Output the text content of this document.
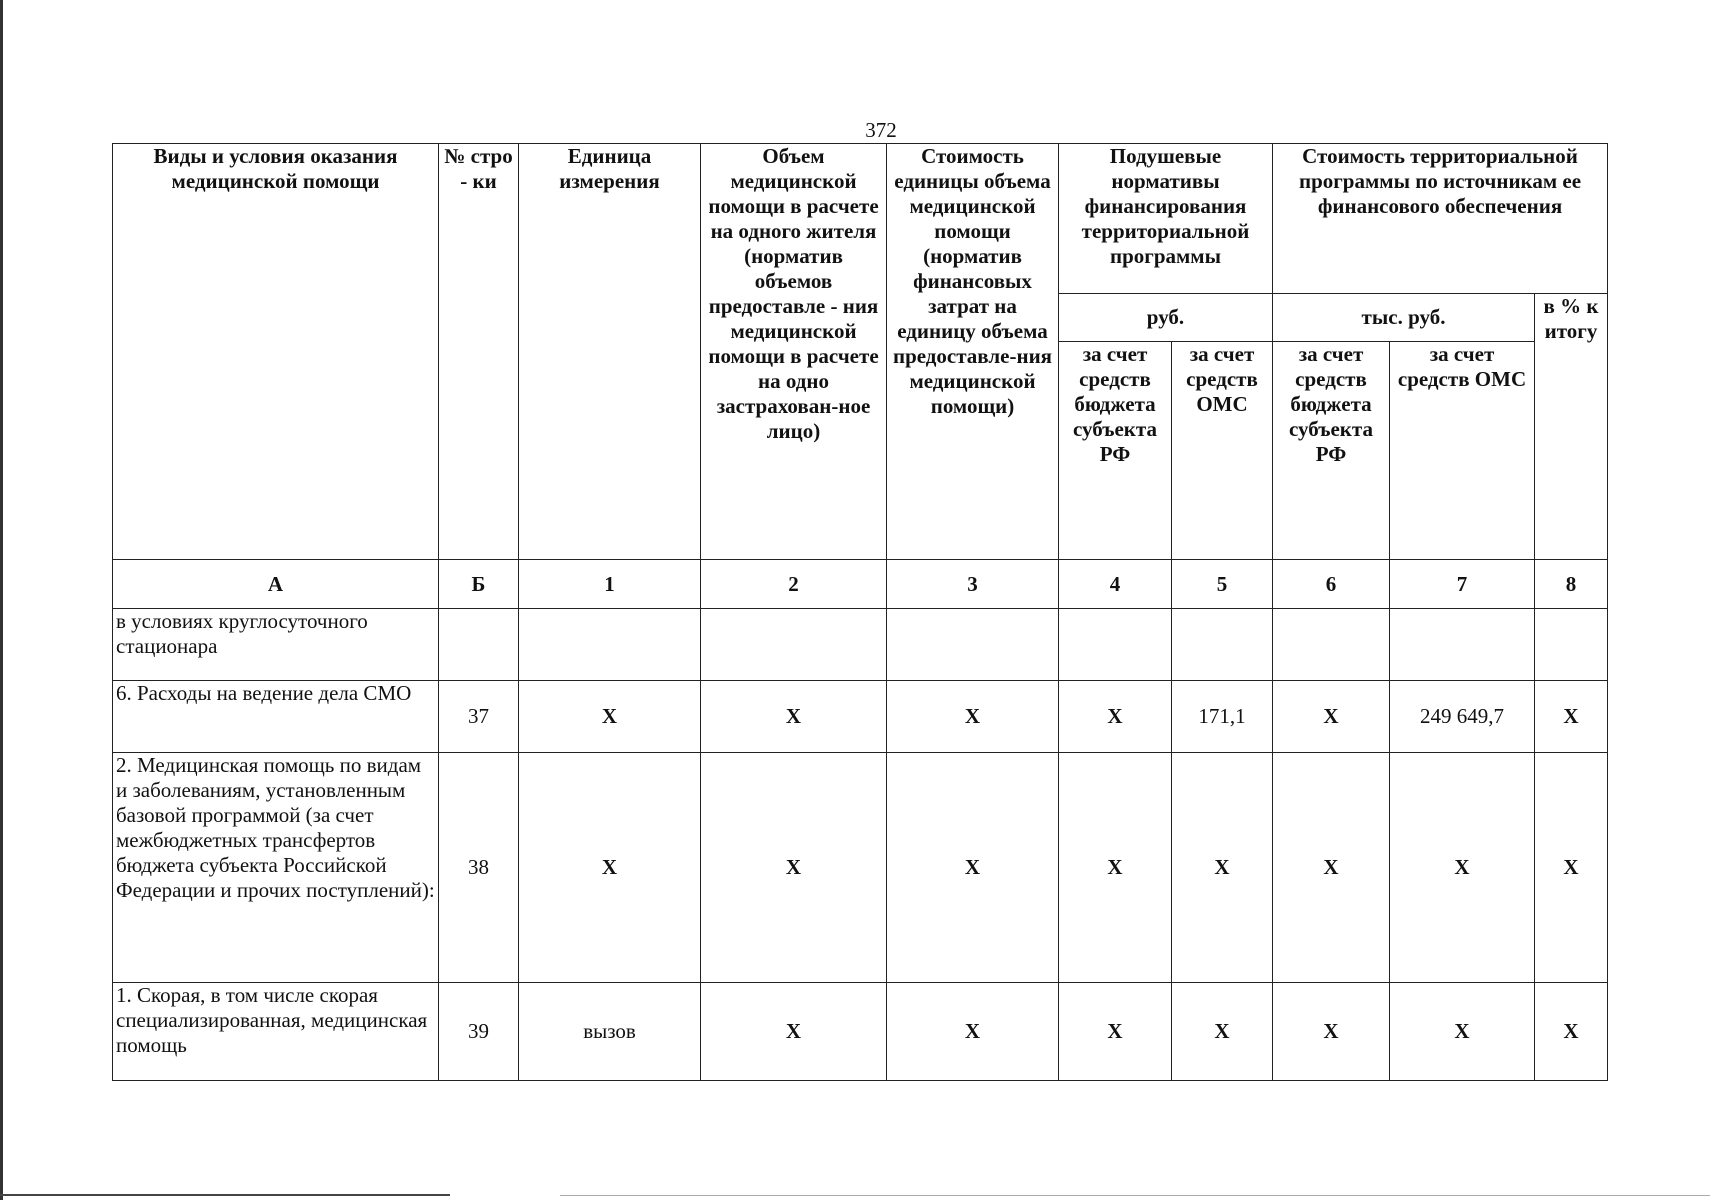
372
Виды и условия оказания медицинской помощи	№ стро - ки	Единица измерения	Объем медицинской помощи в расчете на одного жителя (норматив объемов предоставле - ния медицинской помощи в расчете на одно застрахован-ное лицо)	Стоимость единицы объема медицинской помощи (норматив финансовых затрат на единицу объема предоставле-ния медицинской помощи)	Подушевые нормативы финансирования территориальной программы		Стоимость территориальной программы по источникам ее финансового обеспечения		
					руб.		тыс. руб.		в % к итогу
					за счет средств бюджета субъекта РФ	за счет средств ОМС	за счет средств бюджета субъекта РФ	за счет средств ОМС	
А	Б	1	2	3	4	5	6	7	8
в условиях круглосуточного стационара									
6. Расходы на ведение дела СМО	37	Х	Х	Х	Х	171,1	Х	249 649,7	Х
2. Медицинская помощь по видам и заболеваниям, установленным базовой программой (за счет межбюджетных трансфертов бюджета субъекта Российской Федерации и прочих поступлений):	38	Х	Х	Х	Х	Х	Х	Х	Х
1. Скорая, в том числе скорая специализированная, медицинская помощь	39	вызов	Х	Х	Х	Х	Х	Х	Х
